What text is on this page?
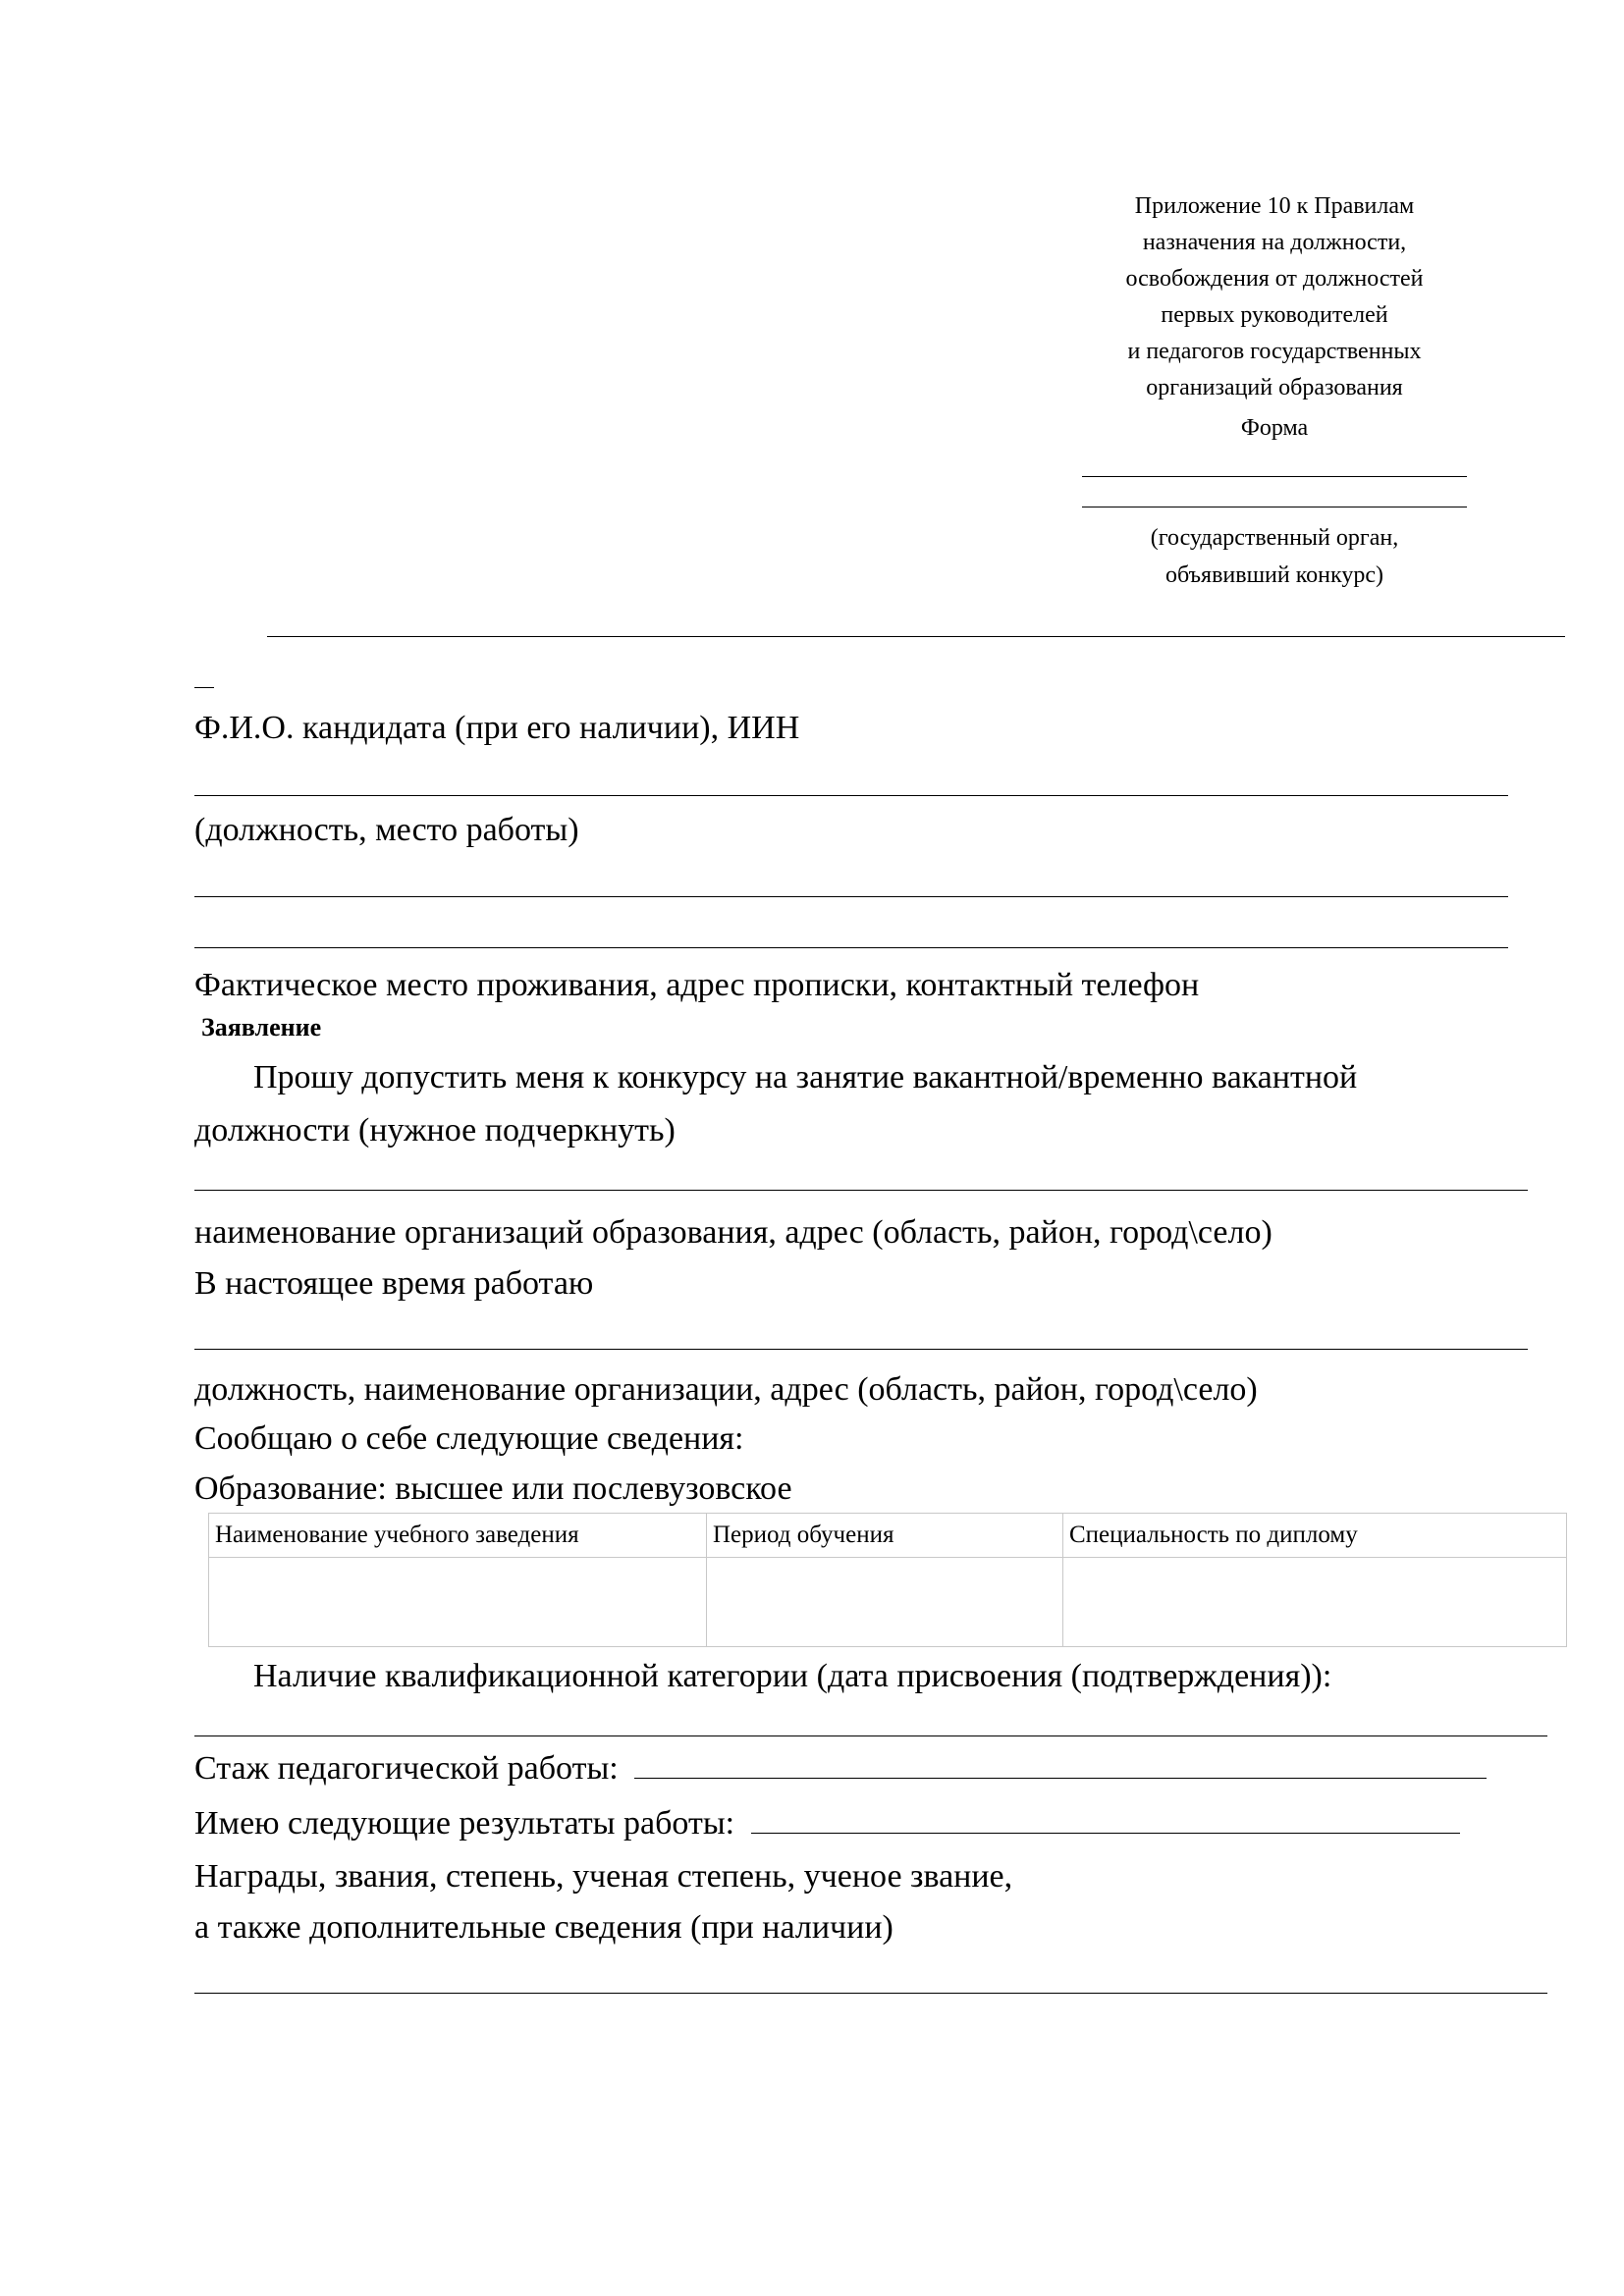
Приложение 10 к Правилам
назначения на должности,
освобождения от должностей
первых руководителей
и педагогов государственных
организаций образования
Форма
(государственный орган,
объявивший конкурс)
Ф.И.О. кандидата (при его наличии), ИИН
(должность, место работы)
Фактическое место проживания, адрес прописки, контактный телефон
Заявление
Прошу допустить меня к конкурсу на занятие вакантной/временно вакантной
должности (нужное подчеркнуть)
наименование организаций образования, адрес (область, район, город\село)
В настоящее время работаю
должность, наименование организации, адрес (область, район, город\село)
Сообщаю о себе следующие сведения:
Образование: высшее или послевузовское
Наименование учебного заведения	Период обучения	Специальность по диплому

Наличие квалификационной категории (дата присвоения (подтверждения)):
Стаж педагогической работы:
Имею следующие результаты работы:
Награды, звания, степень, ученая степень, ученое звание,
а также дополнительные сведения (при наличии)
